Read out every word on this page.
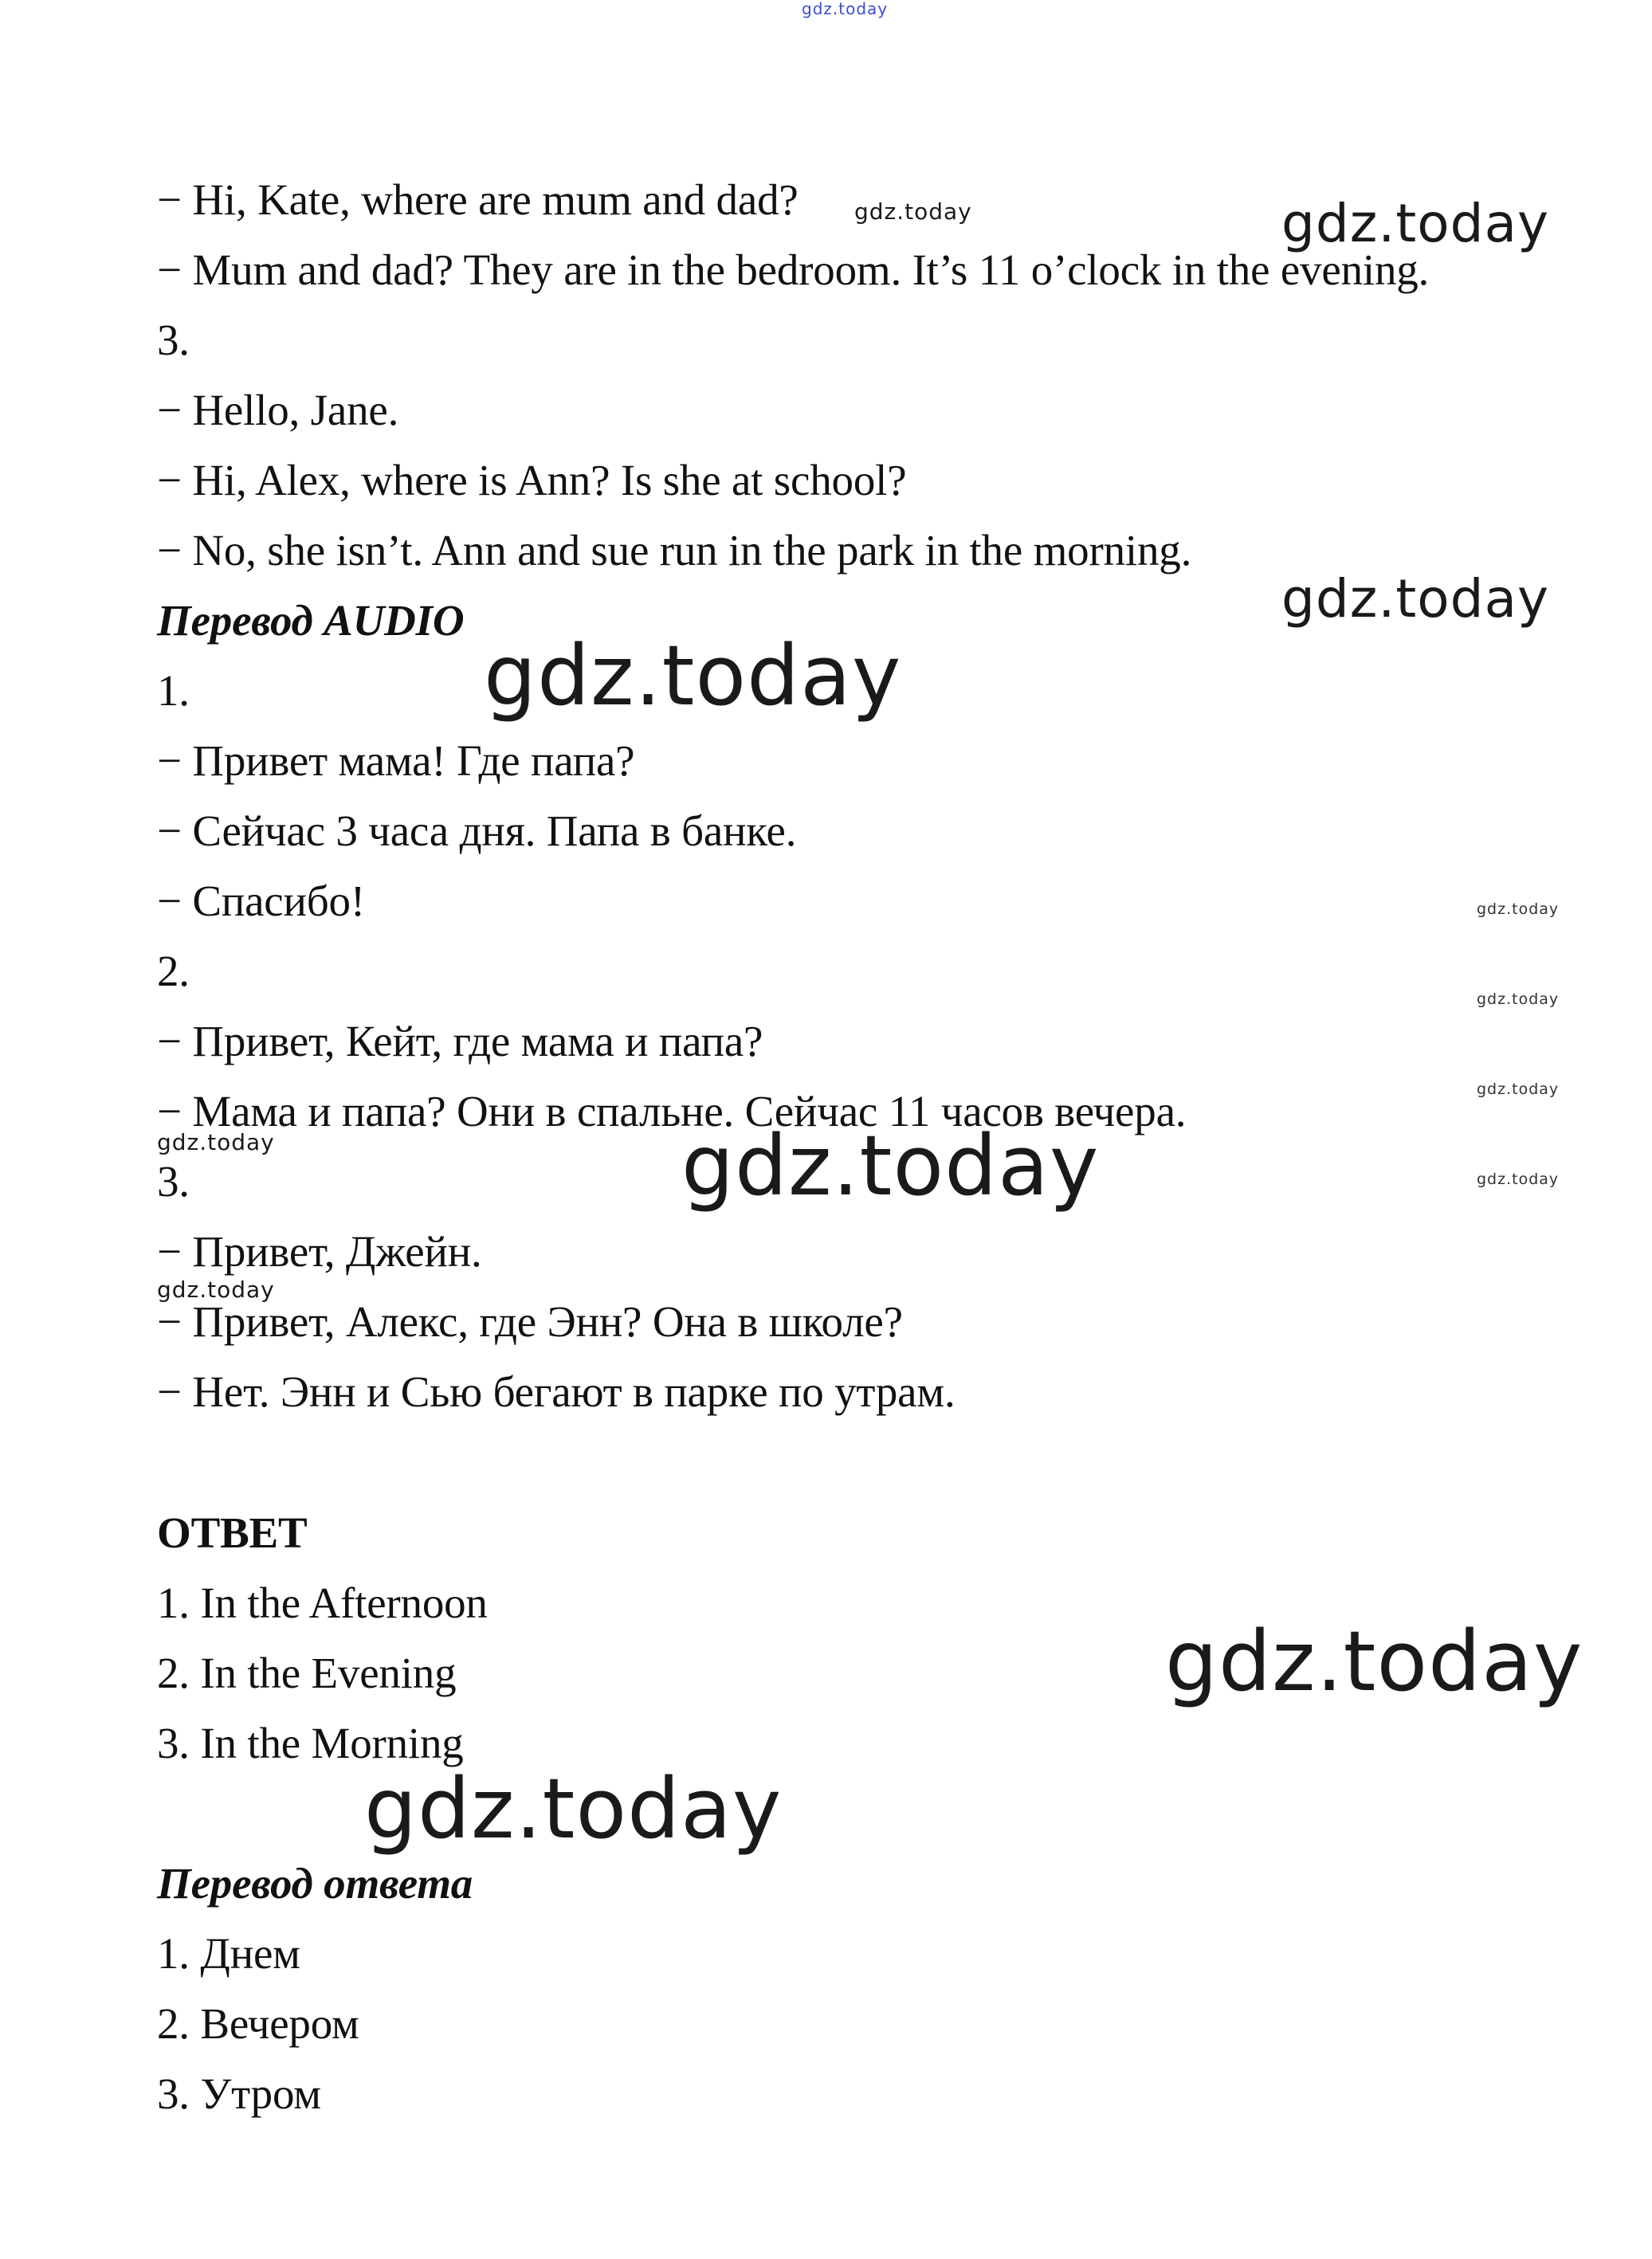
gdz.today
− Hi, Kate, where are mum and dad?
− Mum and dad? They are in the bedroom. It’s 11 o’clock in the evening.
3.
− Hello, Jane.
− Hi, Alex, where is Ann? Is she at school?
− No, she isn’t. Ann and sue run in the park in the morning.
Перевод AUDIO
1.
− Привет мама! Где папа?
− Сейчас 3 часа дня. Папа в банке.
− Спасибо!
2.
− Привет, Кейт, где мама и папа?
− Мама и папа? Они в спальне. Сейчас 11 часов вечера.
3.
− Привет, Джейн.
− Привет, Алекс, где Энн? Она в школе?
− Нет. Энн и Сью бегают в парке по утрам.
ОТВЕТ
1. In the Afternoon
2. In the Evening
3. In the Morning
Перевод ответа
1. Днем
2. Вечером
3. Утром
gdz.today	gdz.today
gdz.today
gdz.today
gdz.today
gdz.today
gdz.today
gdz.today
gdz.today	gdz.today
gdz.today
gdz.today
gdz.today
